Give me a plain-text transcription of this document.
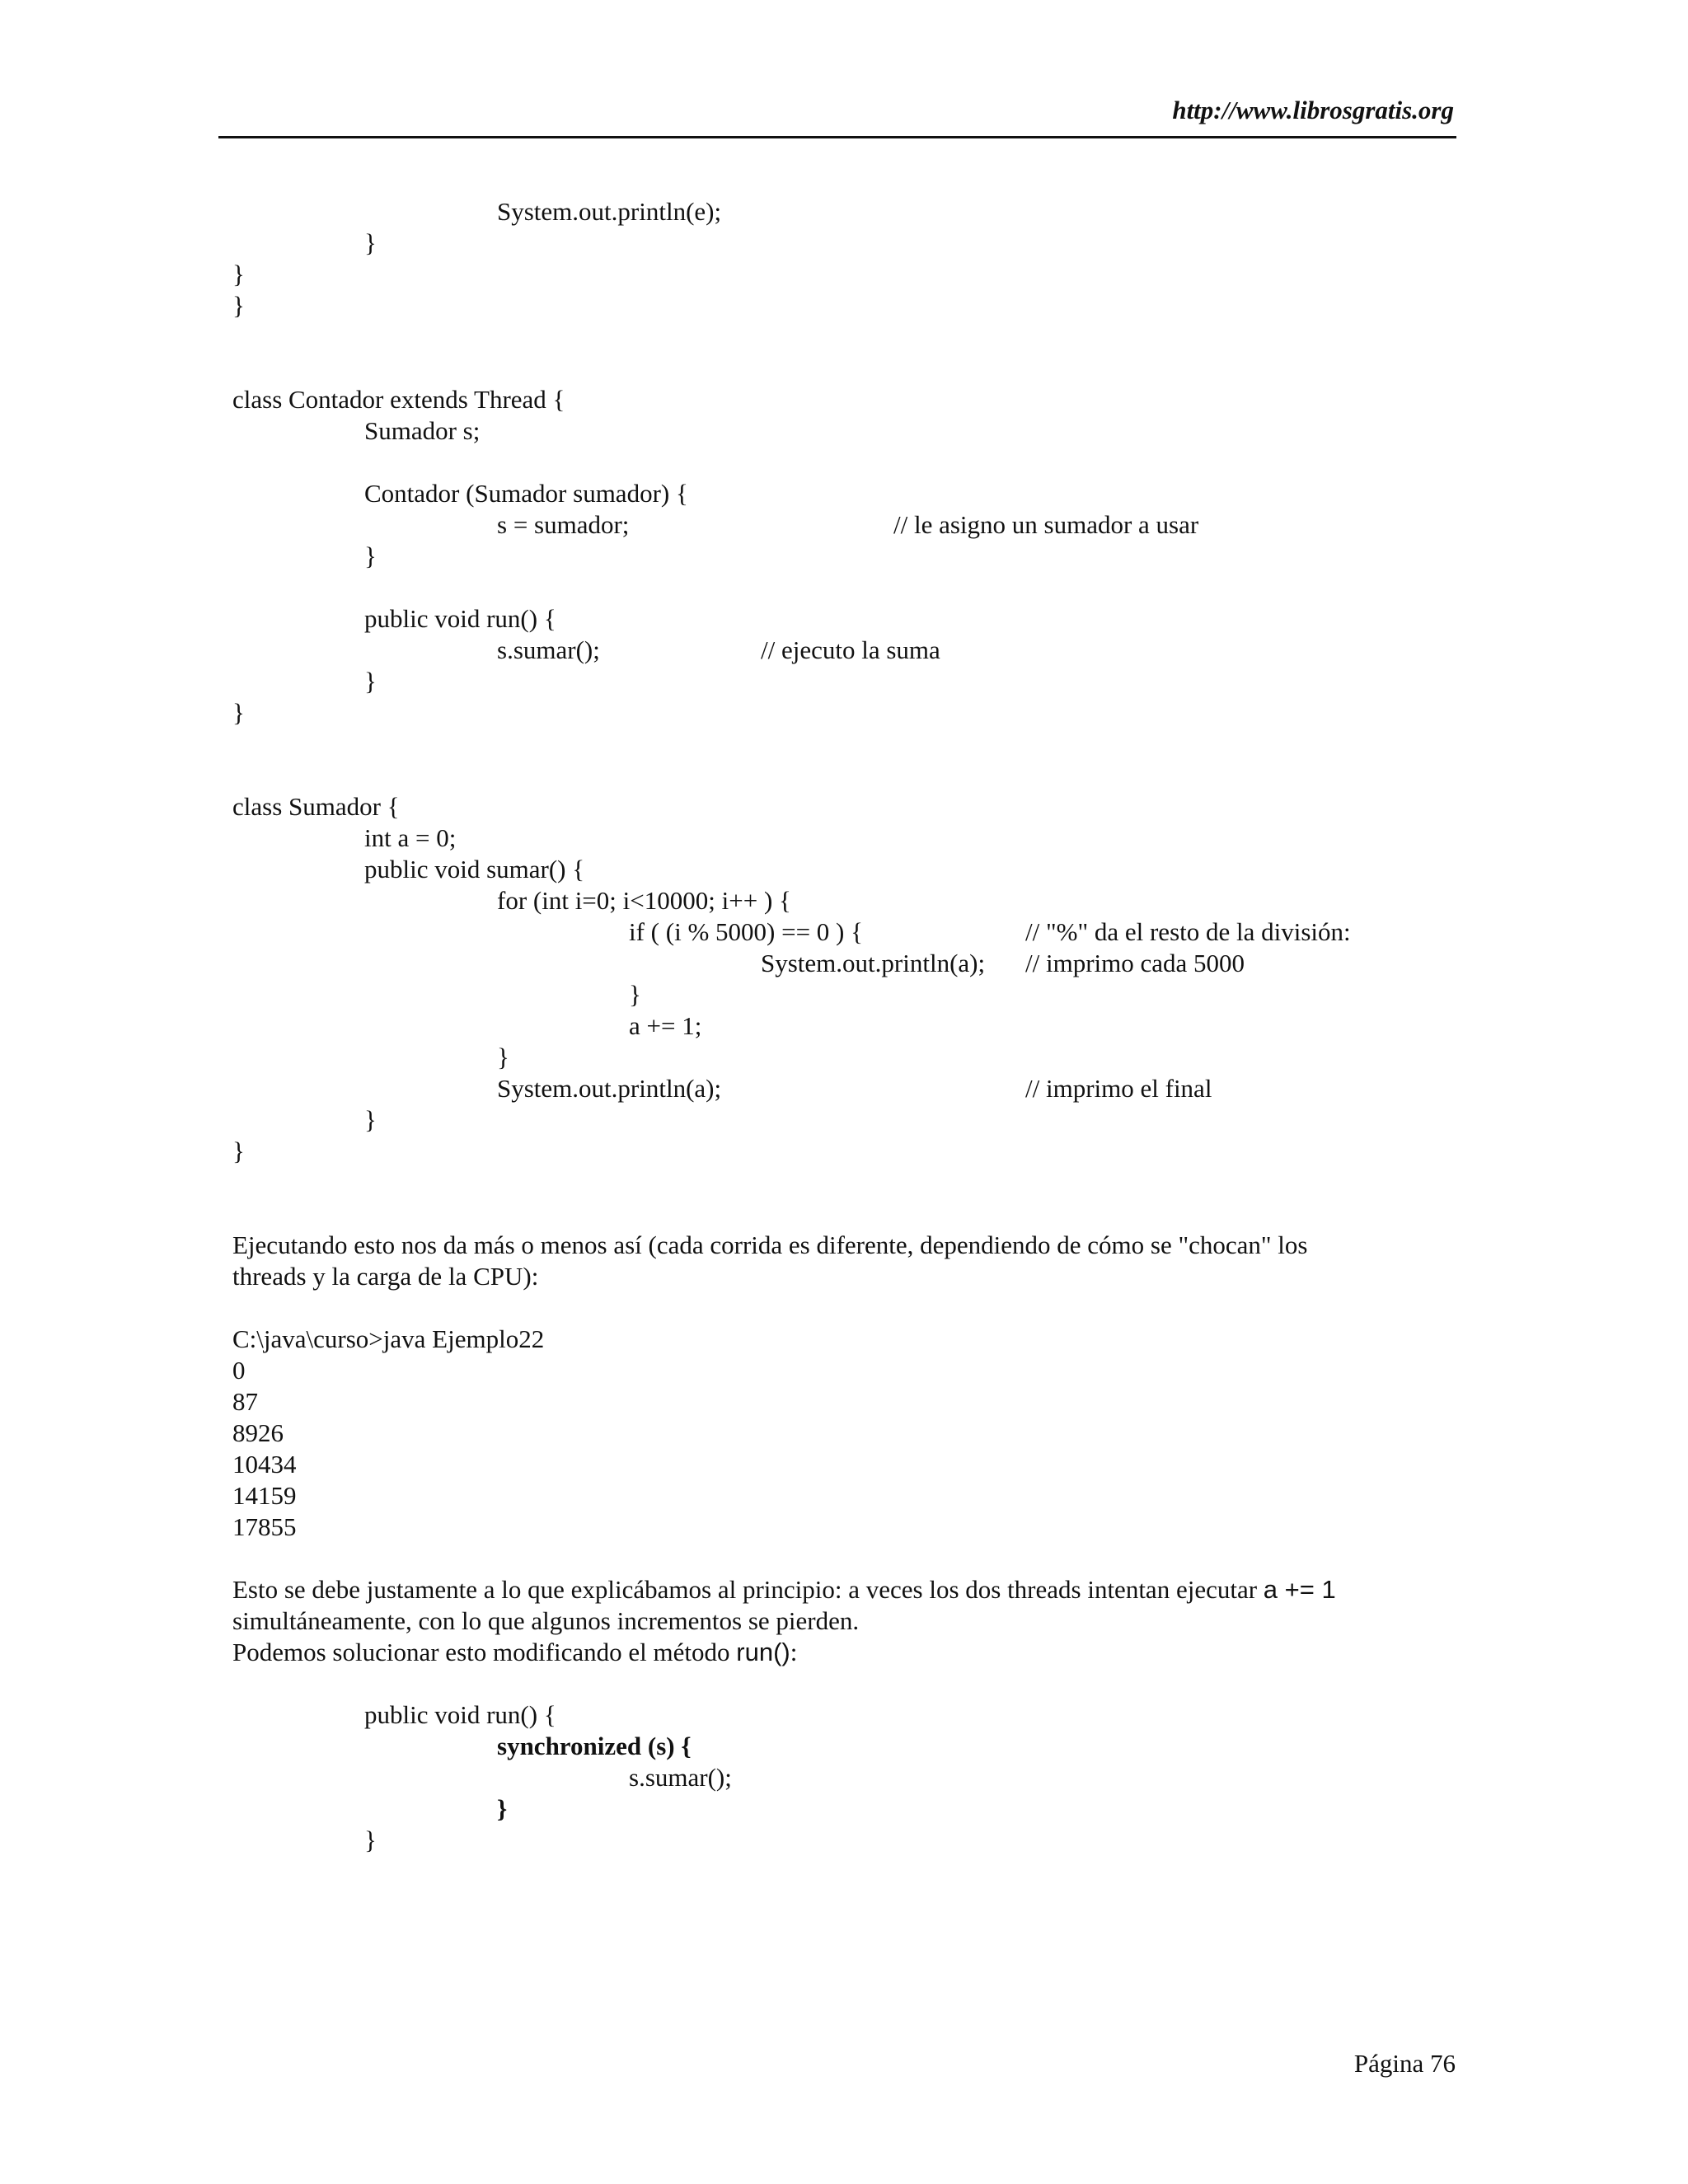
http://www.librosgratis.org
System.out.println(e);
}
}
}
class Contador extends Thread {
Sumador s;
Contador (Sumador sumador) {
s = sumador;	// le asigno un sumador a usar
}
public void run() {
s.sumar();	// ejecuto la suma
}
}
class Sumador {
int a = 0;
public void sumar() {
for (int i=0; i<10000; i++ ) {
if ( (i % 5000) == 0 ) {	// "%" da el resto de la división:
System.out.println(a); // imprimo cada 5000
}
a += 1;
}
System.out.println(a);	// imprimo el final
}
}
Ejecutando esto nos da más o menos así (cada corrida es diferente, dependiendo de cómo se "chocan" los
threads y la carga de la CPU):
C:\java\curso>java Ejemplo22
0
87
8926
10434
14159
17855
Esto se debe justamente a lo que explicábamos al principio: a veces los dos threads intentan ejecutar a += 1
simultáneamente, con lo que algunos incrementos se pierden.
Podemos solucionar esto modificando el método run():
public void run() {
synchronized (s) {
s.sumar();
}
}
Página 76
